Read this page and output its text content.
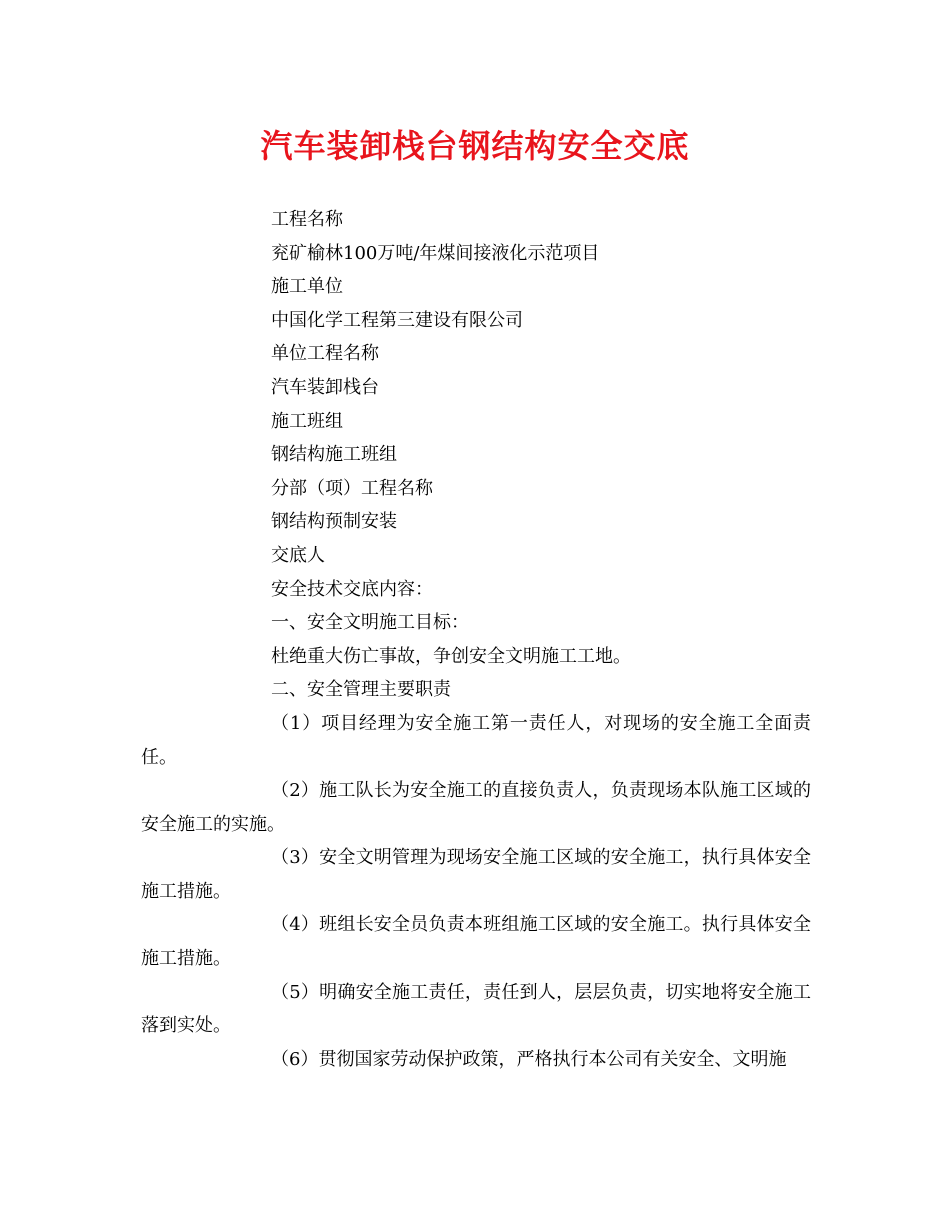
汽车装卸栈台钢结构安全交底

工程名称

兖矿榆林100万吨/年煤间接液化示范项目

施工单位

中国化学工程第三建设有限公司

单位工程名称

汽车装卸栈台

施工班组

钢结构施工班组

分部（项）工程名称

钢结构预制安装

交底人

安全技术交底内容：

一、安全文明施工目标：

杜绝重大伤亡事故，争创安全文明施工工地。

二、安全管理主要职责

（1）项目经理为安全施工第一责任人，对现场的安全施工全面责任。

（2）施工队长为安全施工的直接负责人，负责现场本队施工区域的安全施工的实施。

（3）安全文明管理为现场安全施工区域的安全施工，执行具体安全施工措施。

（4）班组长安全员负责本班组施工区域的安全施工。执行具体安全施工措施。

（5）明确安全施工责任，责任到人，层层负责，切实地将安全施工落到实处。

（6）贯彻国家劳动保护政策，严格执行本公司有关安全、文明施
